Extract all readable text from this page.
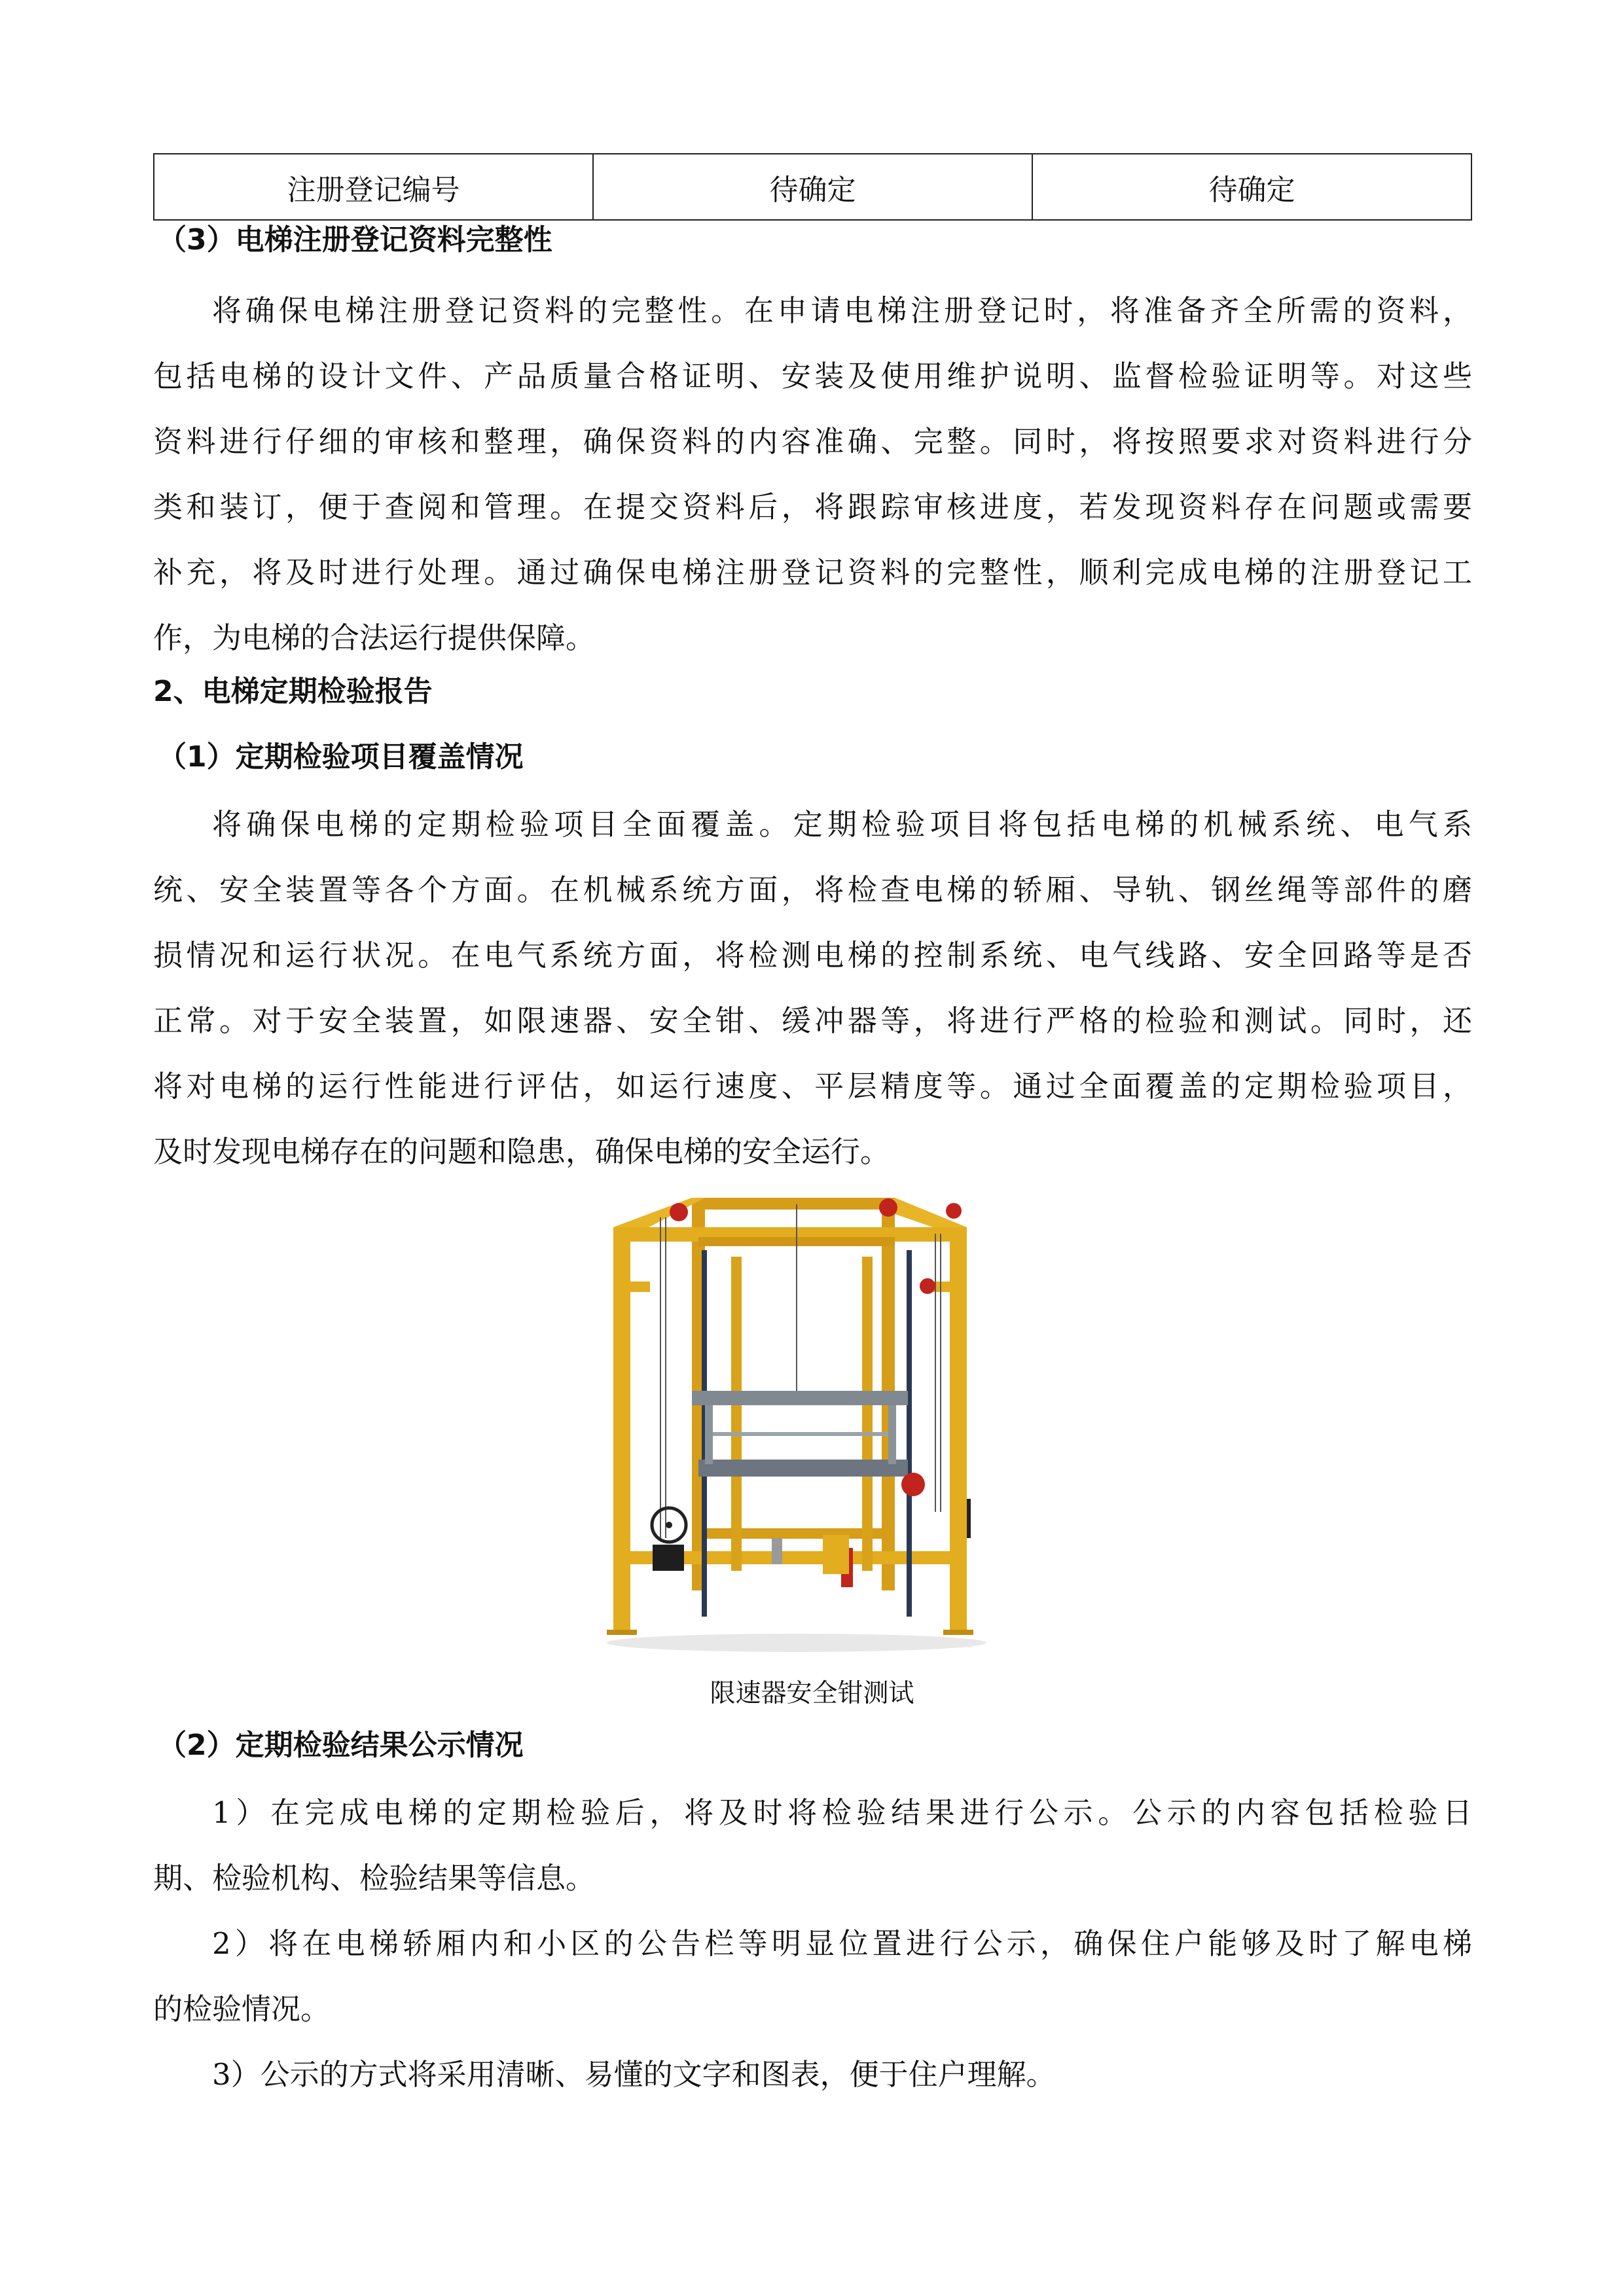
注册登记编号	待确定	待确定
（3）电梯注册登记资料完整性
将确保电梯注册登记资料的完整性。在申请电梯注册登记时，将准备齐全所需的资料，
包括电梯的设计文件、产品质量合格证明、安装及使用维护说明、监督检验证明等。对这些
资料进行仔细的审核和整理，确保资料的内容准确、完整。同时，将按照要求对资料进行分
类和装订，便于查阅和管理。在提交资料后，将跟踪审核进度，若发现资料存在问题或需要
补充，将及时进行处理。通过确保电梯注册登记资料的完整性，顺利完成电梯的注册登记工
作，为电梯的合法运行提供保障。
2、电梯定期检验报告
（1）定期检验项目覆盖情况
将确保电梯的定期检验项目全面覆盖。定期检验项目将包括电梯的机械系统、电气系
统、安全装置等各个方面。在机械系统方面，将检查电梯的轿厢、导轨、钢丝绳等部件的磨
损情况和运行状况。在电气系统方面，将检测电梯的控制系统、电气线路、安全回路等是否
正常。对于安全装置，如限速器、安全钳、缓冲器等，将进行严格的检验和测试。同时，还
将对电梯的运行性能进行评估，如运行速度、平层精度等。通过全面覆盖的定期检验项目，
及时发现电梯存在的问题和隐患，确保电梯的安全运行。
限速器安全钳测试
（2）定期检验结果公示情况
1）在完成电梯的定期检验后，将及时将检验结果进行公示。公示的内容包括检验日
期、检验机构、检验结果等信息。
2）将在电梯轿厢内和小区的公告栏等明显位置进行公示，确保住户能够及时了解电梯
的检验情况。
3）公示的方式将采用清晰、易懂的文字和图表，便于住户理解。
